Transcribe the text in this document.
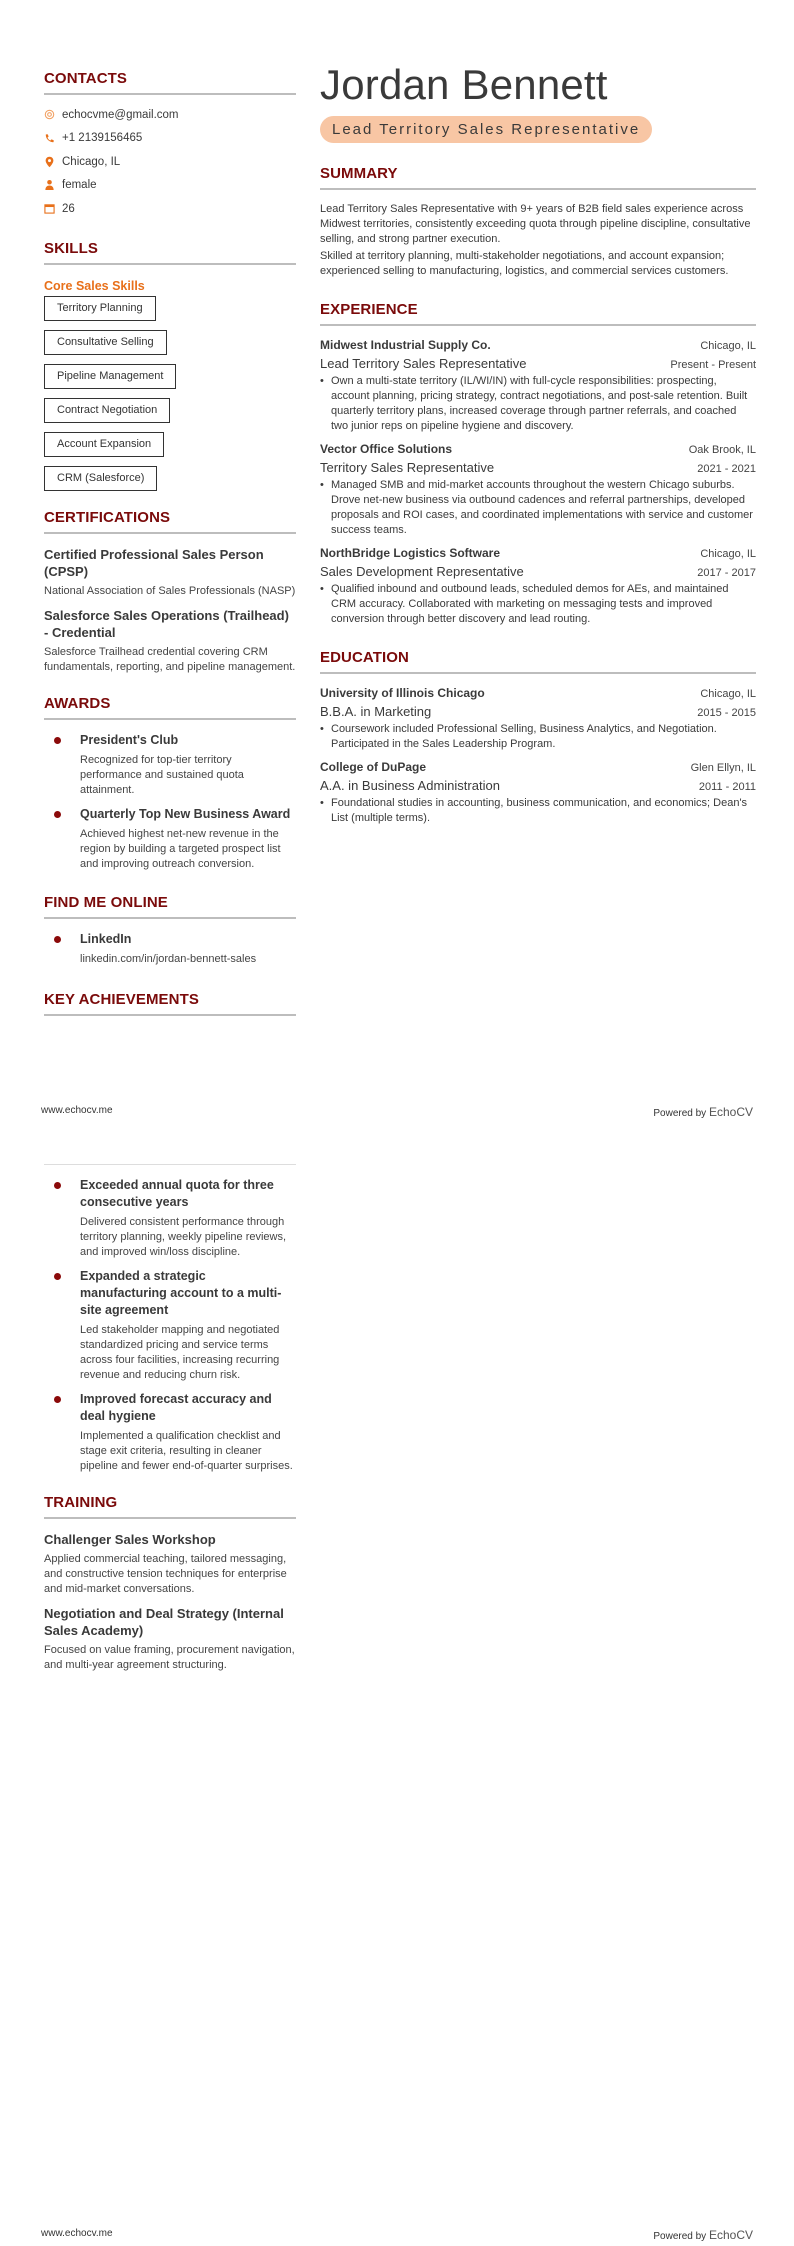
CONTACTS
echocvme@gmail.com
+1 2139156465
Chicago, IL
female
26
SKILLS
Core Sales Skills
Territory Planning
Consultative Selling
Pipeline Management
Contract Negotiation
Account Expansion
CRM (Salesforce)
CERTIFICATIONS
Certified Professional Sales Person (CPSP)
National Association of Sales Professionals (NASP)
Salesforce Sales Operations (Trailhead) - Credential
Salesforce Trailhead credential covering CRM fundamentals, reporting, and pipeline management.
AWARDS
President's Club
Recognized for top-tier territory performance and sustained quota attainment.
Quarterly Top New Business Award
Achieved highest net-new revenue in the region by building a targeted prospect list and improving outreach conversion.
FIND ME ONLINE
LinkedIn
linkedin.com/in/jordan-bennett-sales
KEY ACHIEVEMENTS
Jordan Bennett
Lead Territory Sales Representative
SUMMARY

Lead Territory Sales Representative with 9+ years of B2B field sales experience across Midwest territories, consistently exceeding quota through pipeline discipline, consultative selling, and strong partner execution.

Skilled at territory planning, multi-stakeholder negotiations, and account expansion; experienced selling to manufacturing, logistics, and commercial services customers.

EXPERIENCE
Midwest Industrial Supply Co.	Chicago, IL
Lead Territory Sales Representative	Present - Present
• Own a multi-state territory (IL/WI/IN) with full-cycle responsibilities: prospecting, account planning, pricing strategy, contract negotiations, and post-sale retention. Built quarterly territory plans, increased coverage through partner referrals, and coached two junior reps on pipeline hygiene and discovery.
Vector Office Solutions	Oak Brook, IL
Territory Sales Representative	2021 - 2021
• Managed SMB and mid-market accounts throughout the western Chicago suburbs. Drove net-new business via outbound cadences and referral partnerships, developed proposals and ROI cases, and coordinated implementations with service and customer success teams.
NorthBridge Logistics Software	Chicago, IL
Sales Development Representative	2017 - 2017
• Qualified inbound and outbound leads, scheduled demos for AEs, and maintained CRM accuracy. Collaborated with marketing on messaging tests and improved conversion through better discovery and lead routing.
EDUCATION
University of Illinois Chicago	Chicago, IL
B.B.A. in Marketing	2015 - 2015
• Coursework included Professional Selling, Business Analytics, and Negotiation. Participated in the Sales Leadership Program.
College of DuPage	Glen Ellyn, IL
A.A. in Business Administration	2011 - 2011
• Foundational studies in accounting, business communication, and economics; Dean's List (multiple terms).
www.echocv.me	Powered by EchoCV
Exceeded annual quota for three consecutive years
Delivered consistent performance through territory planning, weekly pipeline reviews, and improved win/loss discipline.
Expanded a strategic manufacturing account to a multi-site agreement
Led stakeholder mapping and negotiated standardized pricing and service terms across four facilities, increasing recurring revenue and reducing churn risk.
Improved forecast accuracy and deal hygiene
Implemented a qualification checklist and stage exit criteria, resulting in cleaner pipeline and fewer end-of-quarter surprises.
TRAINING
Challenger Sales Workshop
Applied commercial teaching, tailored messaging, and constructive tension techniques for enterprise and mid-market conversations.
Negotiation and Deal Strategy (Internal Sales Academy)
Focused on value framing, procurement navigation, and multi-year agreement structuring.
www.echocv.me	Powered by EchoCV
